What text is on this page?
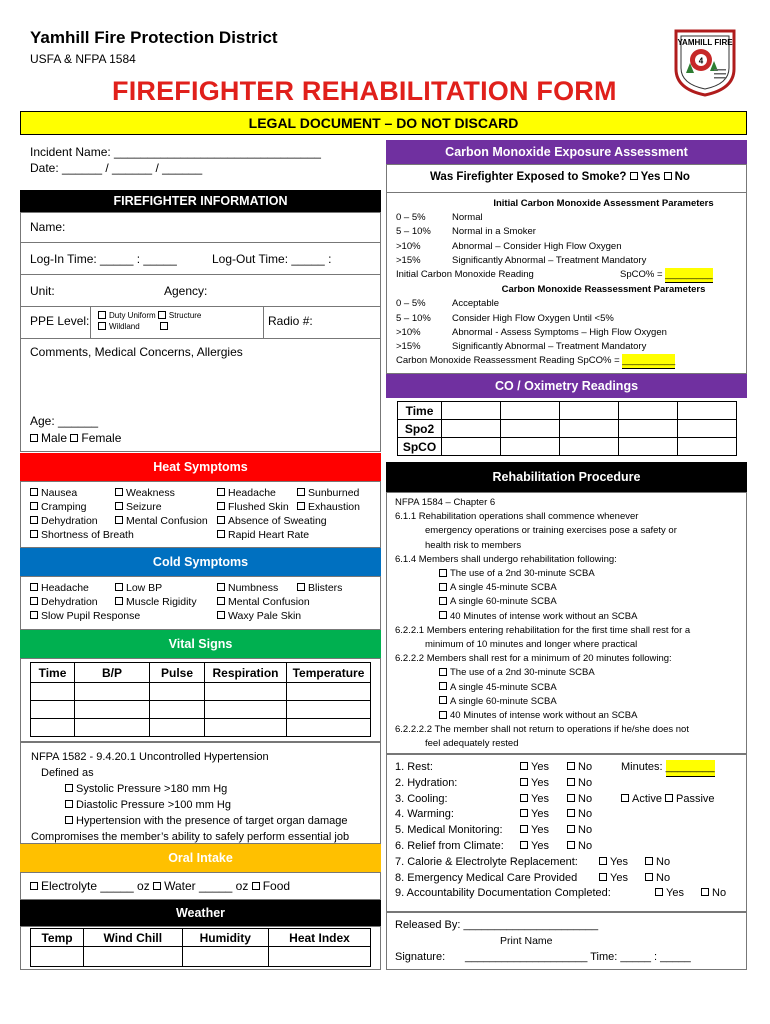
Yamhill Fire Protection District
USFA & NFPA 1584
FIREFIGHTER REHABILITATION FORM
4
YAMHILL FIRE
LEGAL DOCUMENT – DO NOT DISCARD
Incident Name: _______________________________
Date: ______ / ______ / ______
FIREFIGHTER INFORMATION
Name:
Log-In Time: _____ : _____	Log-Out Time: _____ :
Unit:	Agency:
PPE Level:	Duty Uniform Structure
Wildland	Radio #:
Comments, Medical Concerns, Allergies
Age: ______
Male Female
Heat Symptoms
Nausea
Cramping
Dehydration
Shortness of Breath
Weakness
Seizure
Mental Confusion
Headache
Flushed Skin
Absence of Sweating
Rapid Heart Rate
Sunburned
Exhaustion
Cold Symptoms
Headache
Dehydration
Slow Pupil Response
Low BP
Muscle Rigidity
Numbness
Mental Confusion
Waxy Pale Skin
Blisters
Vital Signs
Time	B/P	Pulse	Respiration	Temperature

NFPA 1582 - 9.4.20.1 Uncontrolled Hypertension
Defined as
Systolic Pressure >180 mm Hg
Diastolic Pressure >100 mm Hg
Hypertension with the presence of target organ damage
Compromises the member’s ability to safely perform essential job
Oral Intake
Electrolyte _____ oz Water _____ oz Food
Weather
Temp	Wind Chill	Humidity	Heat Index

Carbon Monoxide Exposure Assessment
Was Firefighter Exposed to Smoke? Yes No
Initial Carbon Monoxide Assessment Parameters
0 – 5%	Normal
5 – 10% Normal in a Smoker
>10%	Abnormal – Consider High Flow Oxygen
>15%	Significantly Abnormal – Treatment Mandatory
Initial Carbon Monoxide Reading	SpCO% = _________
Carbon Monoxide Reassessment Parameters
0 – 5%	Acceptable
5 – 10% Consider High Flow Oxygen Until <5%
>10%	Abnormal - Assess Symptoms – High Flow Oxygen
>15%	Significantly Abnormal – Treatment Mandatory
Carbon Monoxide Reassessment Reading SpCO% = __________
CO / Oximetry Readings
Time					
Spo2					
SpCO					
Rehabilitation Procedure
NFPA 1584 – Chapter 6
6.1.1 Rehabilitation operations shall commence whenever
emergency operations or training exercises pose a safety or
health risk to members
6.1.4 Members shall undergo rehabilitation following:
The use of a 2nd 30-minute SCBA
A single 45-minute SCBA
A single 60-minute SCBA
40 Minutes of intense work without an SCBA
6.2.2.1 Members entering rehabilitation for the first time shall rest for a
minimum of 10 minutes and longer where practical
6.2.2.2 Members shall rest for a minimum of 20 minutes following:
The use of a 2nd 30-minute SCBA
A single 45-minute SCBA
A single 60-minute SCBA
40 Minutes of intense work without an SCBA
6.2.2.2.2 The member shall not return to operations if he/she does not
feel adequately rested
1. Rest:	Yes	No	Minutes: ________
2. Hydration:	Yes	No
3. Cooling:	Yes	No	Active Passive
4. Warming:	Yes	No
5. Medical Monitoring:	Yes	No
6. Relief from Climate:	Yes	No
7. Calorie & Electrolyte Replacement:	Yes	No
8. Emergency Medical Care Provided	Yes	No
9. Accountability Documentation Completed:	Yes	No
Released By: ______________________
Print Name
Signature: ____________________ Time: _____ : _____
